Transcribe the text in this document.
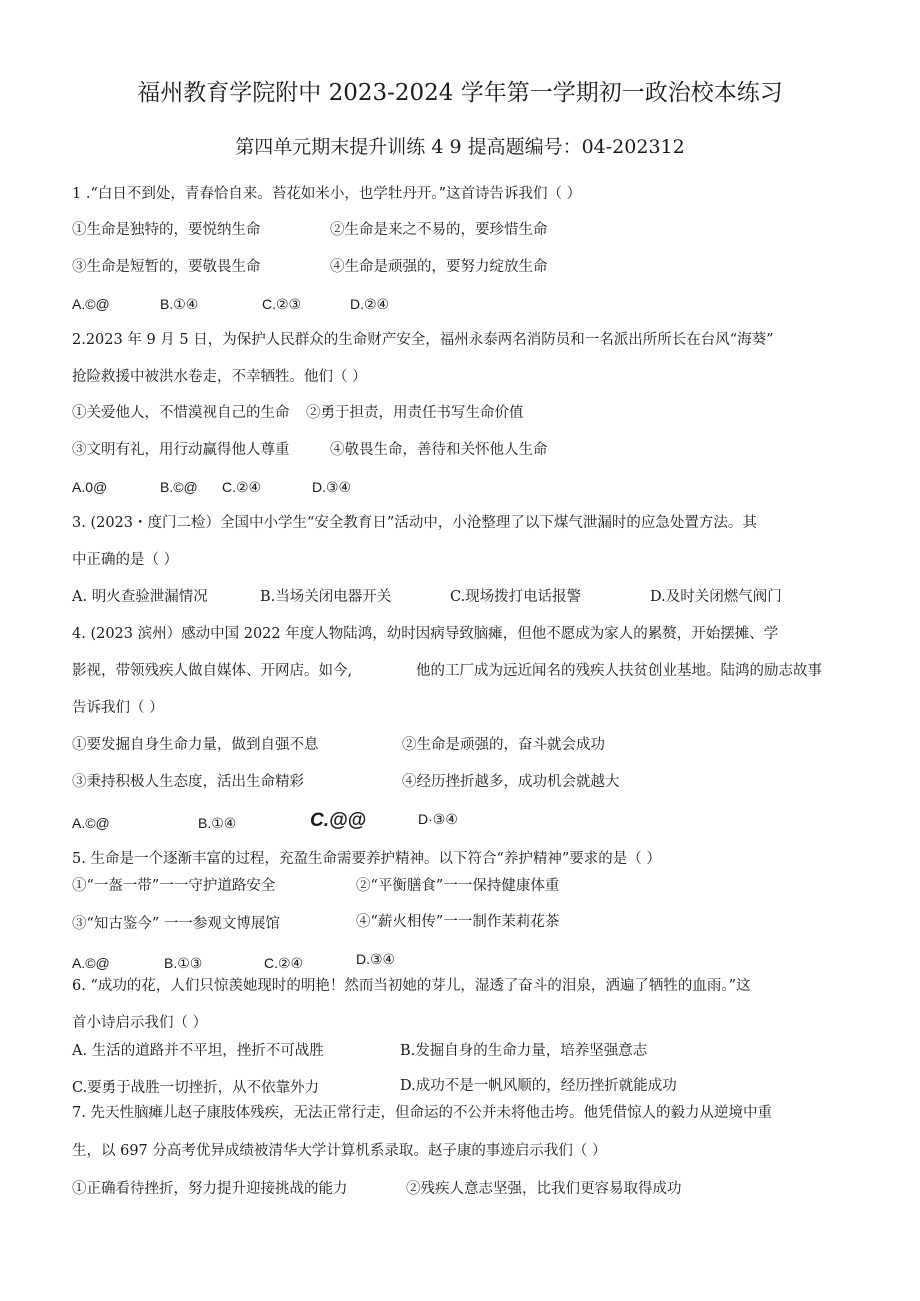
福州教育学院附中 2023-2024 学年第一学期初一政治校本练习
第四单元期末提升训练 4 9 提高题编号：04-202312
1 .“白日不到处，青春恰自来。苔花如米小，也学牡丹开。”这首诗告诉我们（ ）
①生命是独特的，要悦纳生命	②生命是来之不易的，要珍惜生命
③生命是短暂的，要敬畏生命	④生命是顽强的，要努力绽放生命
A.©@	B.①④	C.②③	D.②④
2.2023 年 9 月 5 日，为保护人民群众的生命财产安全，福州永泰两名消防员和一名派出所所长在台风“海葵”
抢险救援中被洪水卷走，不幸牺牲。他们（ ）
①关爱他人，不惜漠视自己的生命 ②勇于担责，用责任书写生命价值
③文明有礼，用行动赢得他人尊重	④敬畏生命，善待和关怀他人生命
A.0@	B.©@ C.②④	D.③④
3. (2023・度门二检）全国中小学生“安全教育日”活动中，小沧整理了以下煤气泄漏时的应急处置方法。其
中正确的是（ ）
A. 明火查验泄漏情况	B.当场关闭电器开关	C.现场拨打电话报警	D.及时关闭燃气阀门
4. (2023 滨州）感动中国 2022 年度人物陆鸿，幼时因病导致脑瘫，但他不愿成为家人的累赘，开始摆摊、学
影视，带领残疾人做自媒体、开网店。如今,	他的工厂成为远近闻名的残疾人扶贫创业基地。陆鸿的励志故事
告诉我们（ ）
①要发掘自身生命力量，做到自强不息	②生命是顽强的，奋斗就会成功
③秉持积极人生态度，活出生命精彩	④经历挫折越多，成功机会就越大
A.©@	B.①④	C.@@	D·③④
5. 生命是一个逐渐丰富的过程，充盈生命需要养护精神。以下符合“养护精神”要求的是（ ）
①“一盔一带”一一守护道路安全	②“平衡膳食”一一保持健康体重
③“知古鉴今” 一一参观文博展馆	④“薪火相传”一一制作茉莉花茶
A.©@	B.①③	C.②④	D.③④
6. “成功的花，人们只惊羡她现时的明艳！然而当初她的芽儿，湿透了奋斗的泪泉，洒遍了牺牲的血雨。”这
首小诗启示我们（ ）
A. 生活的道路并不平坦，挫折不可战胜	B.发掘自身的生命力量，培养坚强意志
C.要勇于战胜一切挫折，从不依靠外力	D.成功不是一帆风顺的，经历挫折就能成功
7. 先天性脑瘫儿赵子康肢体残疾，无法正常行走，但命运的不公并未将他击垮。他凭借惊人的毅力从逆境中重
生，以 697 分高考优异成绩被清华大学计算机系录取。赵子康的事迹启示我们（ ）
①正确看待挫折，努力提升迎接挑战的能力	②残疾人意志坚强，比我们更容易取得成功
